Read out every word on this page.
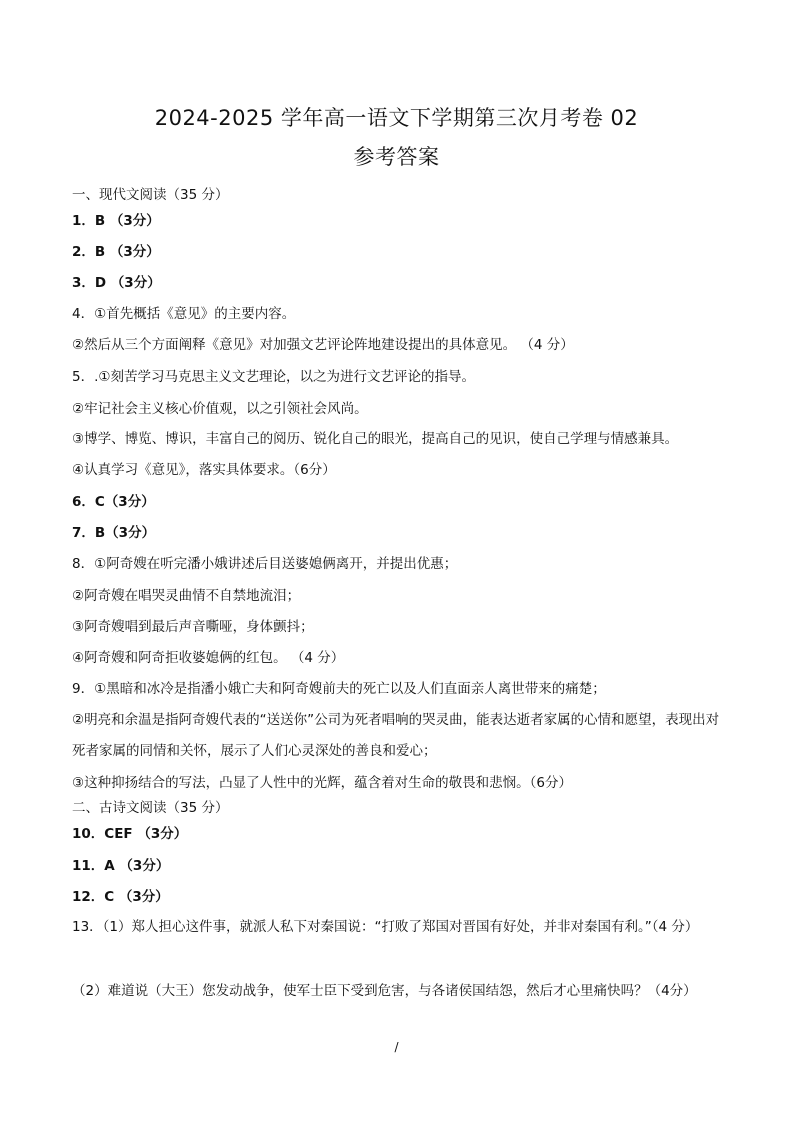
2024-2025 学年高一语文下学期第三次月考卷 02
参考答案
一、现代文阅读（35 分）
1．B （3分）
2．B （3分）
3．D （3分）
4．①首先概括《意见》的主要内容。
②然后从三个方面阐释《意见》对加强文艺评论阵地建设提出的具体意见。 （4 分）
5．.①刻苦学习马克思主义文艺理论，以之为进行文艺评论的指导。
②牢记社会主义核心价值观，以之引领社会风尚。
③博学、博览、博识，丰富自己的阅历、锐化自己的眼光，提高自己的见识，使自己学理与情感兼具。
④认真学习《意见》，落实具体要求。（6分）
6．C（3分）
7．B（3分）
8．①阿奇嫂在听完潘小娥讲述后目送婆媳俩离开，并提出优惠；
②阿奇嫂在唱哭灵曲情不自禁地流泪；
③阿奇嫂唱到最后声音嘶哑，身体颤抖；
④阿奇嫂和阿奇拒收婆媳俩的红包。 （4 分）
9．①黑暗和冰冷是指潘小娥亡夫和阿奇嫂前夫的死亡以及人们直面亲人离世带来的痛楚；
②明亮和余温是指阿奇嫂代表的“送送你”公司为死者唱响的哭灵曲，能表达逝者家属的心情和愿望，表现出对死者家属的同情和关怀，展示了人们心灵深处的善良和爱心；
③这种抑扬结合的写法，凸显了人性中的光辉，蕴含着对生命的敬畏和悲悯。（6分）
二、古诗文阅读（35 分）
10．CEF （3分）
11．A （3分）
12．C （3分）
13．（1）郑人担心这件事，就派人私下对秦国说：“打败了郑国对晋国有好处，并非对秦国有利。”（4 分）
（2）难道说（大王）您发动战争，使军士臣下受到危害，与各诸侯国结怨，然后才心里痛快吗？（4分）
/
